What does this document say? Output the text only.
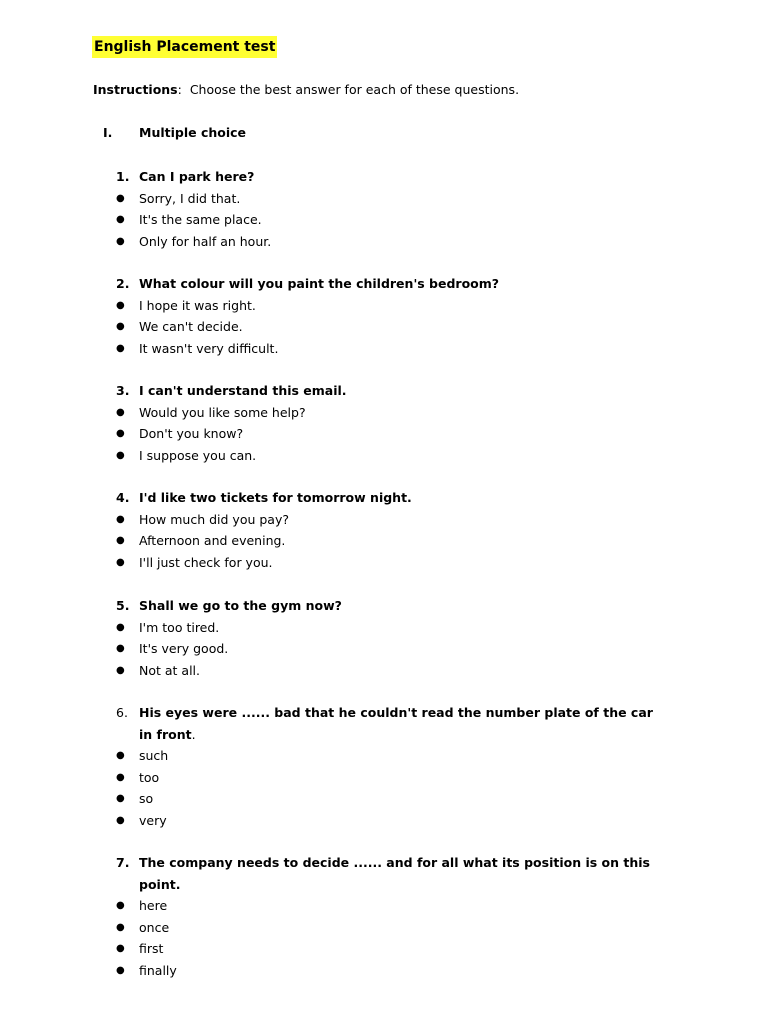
English Placement test
Instructions:  Choose the best answer for each of these questions.
I. Multiple choice
1. Can I park here?
●	Sorry, I did that.
●	It's the same place.
●	Only for half an hour.
2. What colour will you paint the children's bedroom?
●	I hope it was right.
●	We can't decide.
●	It wasn't very difficult.
3. I can't understand this email.
●	Would you like some help?
●	Don't you know?
●	I suppose you can.
4. I'd like two tickets for tomorrow night.
●	How much did you pay?
●	Afternoon and evening.
●	I'll just check for you.
5. Shall we go to the gym now?
●	I'm too tired.
●	It's very good.
●	Not at all.
6. His eyes were ...... bad that he couldn't read the number plate of the car
in front.
●	such
●	too
●	so
●	very
7. The company needs to decide ...... and for all what its position is on this
point.
●	here
●	once
●	first
●	finally
